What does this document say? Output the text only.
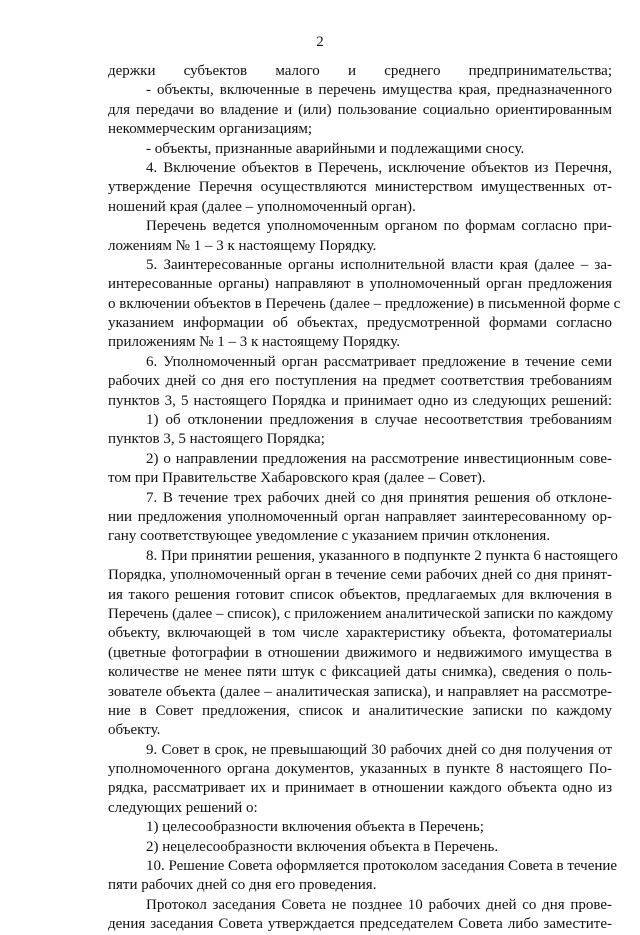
2
держки субъектов малого и среднего предпринимательства;
- объекты, включенные в перечень имущества края, предназначенного
для передачи во владение и (или) пользование социально ориентированным
некоммерческим организациям;
- объекты, признанные аварийными и подлежащими сносу.
4. Включение объектов в Перечень, исключение объектов из Перечня,
утверждение Перечня осуществляются министерством имущественных от-
ношений края (далее – уполномоченный орган).
Перечень ведется уполномоченным органом по формам согласно при-
ложениям № 1 – 3 к настоящему Порядку.
5. Заинтересованные органы исполнительной власти края (далее – за-
интересованные органы) направляют в уполномоченный орган предложения
о включении объектов в Перечень (далее – предложение) в письменной форме с
указанием информации об объектах, предусмотренной формами согласно
приложениям № 1 – 3 к настоящему Порядку.
6. Уполномоченный орган рассматривает предложение в течение семи
рабочих дней со дня его поступления на предмет соответствия требованиям
пунктов 3, 5 настоящего Порядка и принимает одно из следующих решений:
1) об отклонении предложения в случае несоответствия требованиям
пунктов 3, 5 настоящего Порядка;
2) о направлении предложения на рассмотрение инвестиционным сове-
том при Правительстве Хабаровского края (далее – Совет).
7. В течение трех рабочих дней со дня принятия решения об отклоне-
нии предложения уполномоченный орган направляет заинтересованному ор-
гану соответствующее уведомление с указанием причин отклонения.
8. При принятии решения, указанного в подпункте 2 пункта 6 настоящего
Порядка, уполномоченный орган в течение семи рабочих дней со дня принят-
ия такого решения готовит список объектов, предлагаемых для включения в
Перечень (далее – список), с приложением аналитической записки по каждому
объекту, включающей в том числе характеристику объекта, фотоматериалы
(цветные фотографии в отношении движимого и недвижимого имущества в
количестве не менее пяти штук с фиксацией даты снимка), сведения о поль-
зователе объекта (далее – аналитическая записка), и направляет на рассмотре-
ние в Совет предложения, список и аналитические записки по каждому
объекту.
9. Совет в срок, не превышающий 30 рабочих дней со дня получения от
уполномоченного органа документов, указанных в пункте 8 настоящего По-
рядка, рассматривает их и принимает в отношении каждого объекта одно из
следующих решений о:
1) целесообразности включения объекта в Перечень;
2) нецелесообразности включения объекта в Перечень.
10. Решение Совета оформляется протоколом заседания Совета в течение
пяти рабочих дней со дня его проведения.
Протокол заседания Совета не позднее 10 рабочих дней со дня прове-
дения заседания Совета утверждается председателем Совета либо заместите-
